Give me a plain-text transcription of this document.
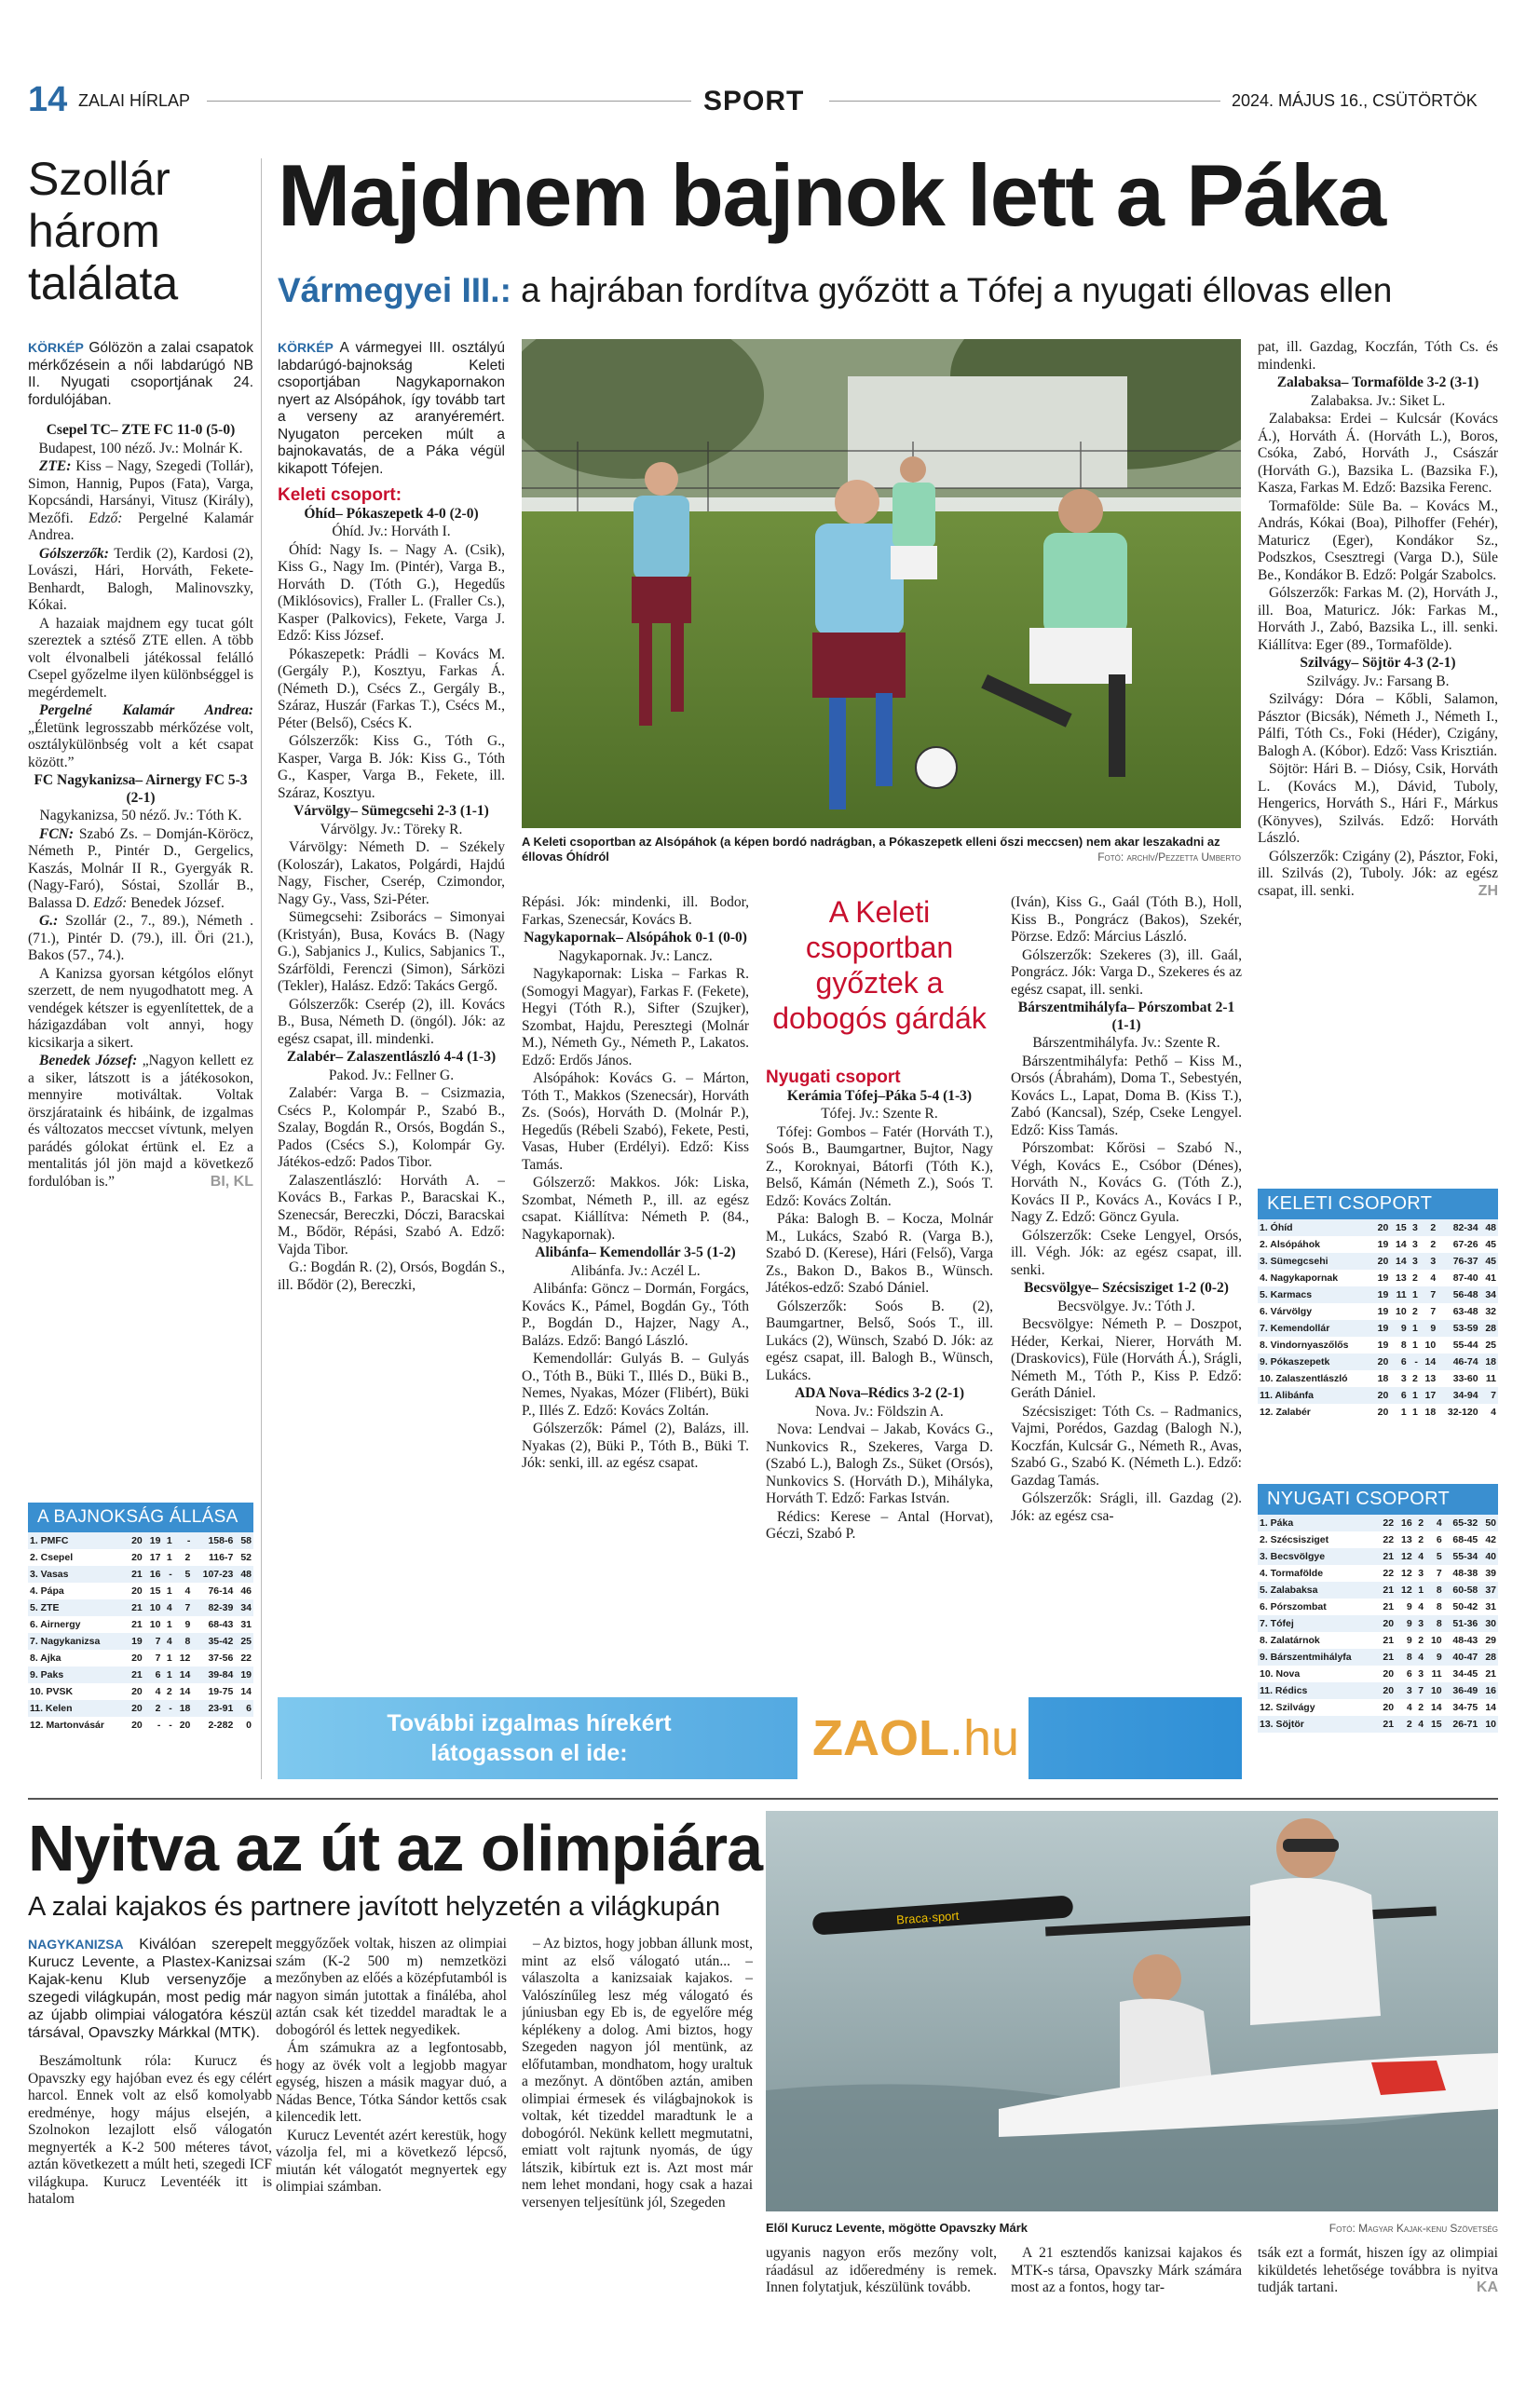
14 ZALAI HÍRLAP	SPORT	2024. MÁJUS 16., CSÜTÖRTÖK
Szollár három találata

KÖRKÉP Gólözön a zalai csapatok mérkőzésein a női labdarúgó NB II. Nyugati csoportjának 24. fordulójában.

Csepel TC– ZTE FC 11-0 (5-0)

Budapest, 100 néző. Jv.: Molnár K.

ZTE: Kiss – Nagy, Szegedi (Tollár), Simon, Hannig, Pupos (Fata), Varga, Kopcsándi, Harsányi, Vitusz (Király), Mezőfi. Edző: Pergelné Kalamár Andrea.

Gólszerzők: Terdik (2), Kardosi (2), Lovászi, Hári, Horváth, Fekete-Benhardt, Balogh, Malinovszky, Kókai.

A hazaiak majdnem egy tucat gólt szereztek a sztéső ZTE ellen. A több volt élvonalbeli játékossal felálló Csepel győzelme ilyen különbséggel is megérdemelt.

Pergelné Kalamár Andrea: „Életünk legrosszabb mérkőzése volt, osztálykülönbség volt a két csapat között.”

FC Nagykanizsa– Airnergy FC 5-3 (2-1)

Nagykanizsa, 50 néző. Jv.: Tóth K.

FCN: Szabó Zs. – Domján-Köröcz, Németh P., Pintér D., Gergelics, Kaszás, Molnár II R., Gyergyák R. (Nagy-Faró), Sóstai, Szollár B., Balassa D. Edző: Benedek József.

G.: Szollár (2., 7., 89.), Németh . (71.), Pintér D. (79.), ill. Öri (21.), Bakos (57., 74.).

A Kanizsa gyorsan kétgólos előnyt szerzett, de nem nyugodhatott meg. A vendégek kétszer is egyenlítettek, de a házigazdában volt annyi, hogy kicsikarja a sikert.

Benedek József: „Nagyon kellett ez a siker, látszott is a játékosokon, mennyire motiváltak. Voltak örszjárataink és hibáink, de izgalmas és változatos meccset vívtunk, melyen parádés gólokat értünk el. Ez a mentalitás jól jön majd a következő fordulóban is.”	BI, KL

A BAJNOKSÁG ÁLLÁSA
1. PMFC	20	19	1	-	158-6	58
2. Csepel	20	17	1	2	116-7	52
3. Vasas	21	16	-	5	107-23	48
4. Pápa	20	15	1	4	76-14	46
5. ZTE	21	10	4	7	82-39	34
6. Airnergy	21	10	1	9	68-43	31
7. Nagykanizsa	19	7	4	8	35-42	25
8. Ajka	20	7	1	12	37-56	22
9. Paks	21	6	1	14	39-84	19
10. PVSK	20	4	2	14	19-75	14
11. Kelen	20	2	-	18	23-91	6
12. Martonvásár	20	-	-	20	2-282	0
Majdnem bajnok lett a Páka
Vármegyei III.: a hajrában fordítva győzött a Tófej a nyugati éllovas ellen

KÖRKÉP A vármegyei III. osztályú labdarúgó-bajnokság Keleti csoportjában Nagykapornakon nyert az Alsópáhok, így tovább tart a verseny az aranyéremért. Nyugaton perceken múlt a bajnokavatás, de a Páka végül kikapott Tófejen.

Keleti csoport:

Óhíd– Pókaszepetk 4-0 (2-0)

Óhíd. Jv.: Horváth I.

Óhíd: Nagy Is. – Nagy A. (Csik), Kiss G., Nagy Im. (Pintér), Varga B., Horváth D. (Tóth G.), Hegedűs (Miklósovics), Fraller L. (Fraller Cs.), Kasper (Palkovics), Fekete, Varga J. Edző: Kiss József.

Pókaszepetk: Prádli – Kovács M. (Gergály P.), Kosztyu, Farkas Á. (Németh D.), Csécs Z., Gergály B., Száraz, Huszár (Farkas T.), Csécs M., Péter (Belső), Csécs K.

Gólszerzők: Kiss G., Tóth G., Kasper, Varga B. Jók: Kiss G., Tóth G., Kasper, Varga B., Fekete, ill. Száraz, Kosztyu.

Várvölgy– Sümegcsehi 2-3 (1-1)

Várvölgy. Jv.: Töreky R.

Várvölgy: Németh D. – Székely (Koloszár), Lakatos, Polgárdi, Hajdú Nagy, Fischer, Cserép, Czimondor, Nagy Gy., Vass, Szi-Péter.

Sümegcsehi: Zsiborács – Simonyai (Kristyán), Busa, Kovács B. (Nagy G.), Sabjanics J., Kulics, Sabjanics T., Szárföldi, Ferenczi (Simon), Sárközi (Tekler), Halász. Edző: Takács Gergő.

Gólszerzők: Cserép (2), ill. Kovács B., Busa, Németh D. (öngól). Jók: az egész csapat, ill. mindenki.

Zalabér– Zalaszentlászló 4-4 (1-3)

Pakod. Jv.: Fellner G.

Zalabér: Varga B. – Csizmazia, Csécs P., Kolompár P., Szabó B., Szalay, Bogdán R., Orsós, Bogdán S., Pados (Csécs S.), Kolompár Gy. Játékos-edző: Pados Tibor.

Zalaszentlászló: Horváth A. – Kovács B., Farkas P., Baracskai K., Szenecsár, Bereczki, Dóczi, Baracskai M., Bődör, Répási, Szabó A. Edző: Vajda Tibor.

G.: Bogdán R. (2), Orsós, Bogdán S., ill. Bődör (2), Bereczki,

A Keleti csoportban az Alsópáhok (a képen bordó nadrágban, a Pókaszepetk elleni őszi meccsen) nem akar leszakadni az éllovas Óhídról	Fotó: archív/Pezzetta Umberto

Répási. Jók: mindenki, ill. Bodor, Farkas, Szenecsár, Kovács B.

Nagykapornak– Alsópáhok 0-1 (0-0)

Nagykapornak. Jv.: Lancz.

Nagykapornak: Liska – Farkas R. (Somogyi Magyar), Farkas F. (Fekete), Hegyi (Tóth R.), Sifter (Szujker), Szombat, Hajdu, Peresztegi (Molnár M.), Németh Gy., Németh P., Lakatos. Edző: Erdős János.

Alsópáhok: Kovács G. – Márton, Tóth T., Makkos (Szenecsár), Horváth Zs. (Soós), Horváth D. (Molnár P.), Hegedűs (Rébeli Szabó), Fekete, Pesti, Vasas, Huber (Erdélyi). Edző: Kiss Tamás.

Gólszerző: Makkos. Jók: Liska, Szombat, Németh P., ill. az egész csapat. Kiállítva: Németh P. (84., Nagykapornak).

Alibánfa– Kemendollár 3-5 (1-2)

Alibánfa. Jv.: Aczél L.

Alibánfa: Göncz – Dormán, Forgács, Kovács K., Pámel, Bogdán Gy., Tóth P., Bogdán D., Hajzer, Nagy A., Balázs. Edző: Bangó László.

Kemendollár: Gulyás B. – Gulyás O., Tóth B., Büki T., Illés D., Büki B., Nemes, Nyakas, Mózer (Flibért), Büki P., Illés Z. Edző: Kovács Zoltán.

Gólszerzők: Pámel (2), Balázs, ill. Nyakas (2), Büki P., Tóth B., Büki T. Jók: senki, ill. az egész csapat.

A Keleti csoportban győztek a dobogós gárdák

Nyugati csoport

Kerámia Tófej–Páka 5-4 (1-3)

Tófej. Jv.: Szente R.

Tófej: Gombos – Fatér (Horváth T.), Soós B., Baumgartner, Bujtor, Nagy Z., Koroknyai, Bátorfi (Tóth K.), Belső, Kámán (Németh Z.), Soós T. Edző: Kovács Zoltán.

Páka: Balogh B. – Kocza, Molnár M., Lukács, Szabó R. (Varga B.), Szabó D. (Kerese), Hári (Felső), Varga Zs., Bakon D., Bakos B., Wünsch. Játékos-edző: Szabó Dániel.

Gólszerzők: Soós B. (2), Baumgartner, Belső, Soós T., ill. Lukács (2), Wünsch, Szabó D. Jók: az egész csapat, ill. Balogh B., Wünsch, Lukács.

ADA Nova–Rédics 3-2 (2-1)

Nova. Jv.: Földszin A.

Nova: Lendvai – Jakab, Kovács G., Nunkovics R., Szekeres, Varga D. (Szabó L.), Balogh Zs., Süket (Orsós), Nunkovics S. (Horváth D.), Mihályka, Horváth T. Edző: Farkas István.

Rédics: Kerese – Antal (Horvat), Géczi, Szabó P.

(Iván), Kiss G., Gaál (Tóth B.), Holl, Kiss B., Pongrácz (Bakos), Szekér, Pörzse. Edző: Március László.

Gólszerzők: Szekeres (3), ill. Gaál, Pongrácz. Jók: Varga D., Szekeres és az egész csapat, ill. senki.

Bárszentmihályfa– Pórszombat 2-1 (1-1)

Bárszentmihályfa. Jv.: Szente R.

Bárszentmihályfa: Pethő – Kiss M., Orsós (Ábrahám), Doma T., Sebestyén, Kovács L., Lapat, Doma B. (Kiss T.), Zabó (Kancsal), Szép, Cseke Lengyel. Edző: Kiss Tamás.

Pórszombat: Kőrösi – Szabó N., Végh, Kovács E., Csóbor (Dénes), Horváth N., Kovács G. (Tóth Z.), Kovács II P., Kovács A., Kovács I P., Nagy Z. Edző: Göncz Gyula.

Gólszerzők: Cseke Lengyel, Orsós, ill. Végh. Jók: az egész csapat, ill. senki.

Becsvölgye– Szécsisziget 1-2 (0-2)

Becsvölgye. Jv.: Tóth J.

Becsvölgye: Németh P. – Doszpot, Héder, Kerkai, Nierer, Horváth M. (Draskovics), Füle (Horváth Á.), Srágli, Németh M., Tóth P., Kiss P. Edző: Geráth Dániel.

Szécsisziget: Tóth Cs. – Radmanics, Vajmi, Porédos, Gazdag (Balogh N.), Koczfán, Kulcsár G., Németh R., Avas, Szabó G., Szabó K. (Németh L.). Edző: Gazdag Tamás.

Gólszerzők: Srágli, ill. Gazdag (2). Jók: az egész csa-

pat, ill. Gazdag, Koczfán, Tóth Cs. és mindenki.

Zalabaksa– Tormafölde 3-2 (3-1)

Zalabaksa. Jv.: Siket L.

Zalabaksa: Erdei – Kulcsár (Kovács Á.), Horváth Á. (Horváth L.), Boros, Csóka, Zabó, Horváth J., Császár (Horváth G.), Bazsika L. (Bazsika F.), Kasza, Farkas M. Edző: Bazsika Ferenc.

Tormafölde: Süle Ba. – Kovács M., András, Kókai (Boa), Pilhoffer (Fehér), Maturicz (Eger), Kondákor Sz., Podszkos, Csesztregi (Varga D.), Süle Be., Kondákor B. Edző: Polgár Szabolcs.

Gólszerzők: Farkas M. (2), Horváth J., ill. Boa, Maturicz. Jók: Farkas M., Horváth J., Zabó, Bazsika L., ill. senki. Kiállítva: Eger (89., Tormafölde).

Szilvágy– Söjtör 4-3 (2-1)

Szilvágy. Jv.: Farsang B.

Szilvágy: Dóra – Kőbli, Salamon, Pásztor (Bicsák), Németh J., Németh I., Pálfi, Tóth Cs., Foki (Héder), Czigány, Balogh A. (Kóbor). Edző: Vass Krisztián.

Söjtör: Hári B. – Diósy, Csik, Horváth L. (Kovács M.), Dávid, Tuboly, Hengerics, Horváth S., Hári F., Márkus (Könyves), Szilvás. Edző: Horváth László.

Gólszerzők: Czigány (2), Pásztor, Foki, ill. Szilvás (2), Tuboly. Jók: az egész csapat, ill. senki.	ZH

KELETI CSOPORT
1. Óhíd	20	15	3	2	82-34	48
2. Alsópáhok	19	14	3	2	67-26	45
3. Sümegcsehi	20	14	3	3	76-37	45
4. Nagykapornak	19	13	2	4	87-40	41
5. Karmacs	19	11	1	7	56-48	34
6. Várvölgy	19	10	2	7	63-48	32
7. Kemendollár	19	9	1	9	53-59	28
8. Vindornyaszőlős	19	8	1	10	55-44	25
9. Pókaszepetk	20	6	-	14	46-74	18
10. Zalaszentlászló	18	3	2	13	33-60	11
11. Alibánfa	20	6	1	17	34-94	7
12. Zalabér	20	1	1	18	32-120	4
NYUGATI CSOPORT
1. Páka	22	16	2	4	65-32	50
2. Szécsisziget	22	13	2	6	68-45	42
3. Becsvölgye	21	12	4	5	55-34	40
4. Tormafölde	22	12	3	7	48-38	39
5. Zalabaksa	21	12	1	8	60-58	37
6. Pórszombat	21	9	4	8	50-42	31
7. Tófej	20	9	3	8	51-36	30
8. Zalatárnok	21	9	2	10	48-43	29
9. Bárszentmihályfa	21	8	4	9	40-47	28
10. Nova	20	6	3	11	34-45	21
11. Rédics	20	3	7	10	36-49	16
12. Szilvágy	20	4	2	14	34-75	14
13. Söjtör	21	2	4	15	26-71	10
További izgalmas hírekért
látogasson el ide:	ZAOL.hu
Nyitva az út az olimpiára
A zalai kajakos és partnere javított helyzetén a világkupán

NAGYKANIZSA Kiválóan szerepelt Kurucz Levente, a Plastex-Kanizsai Kajak-kenu Klub versenyzője a szegedi világkupán, most pedig már az újabb olimpiai válogatóra készül társával, Opavszky Márkkal (MTK).

Beszámoltunk róla: Kurucz és Opavszky egy hajóban evez és egy célért harcol. Ennek volt az első komolyabb eredménye, hogy május elsején, a Szolnokon lezajlott első válogatón megnyerték a K-2 500 méteres távot, aztán következett a múlt heti, szegedi ICF világkupa. Kurucz Leventéék itt is hatalom

meggyőzőek voltak, hiszen az olimpiai szám (K-2 500 m) nemzetközi mezőnyben az előés a középfutamból is nagyon simán jutottak a fináléba, ahol aztán csak két tizeddel maradtak le a dobogóról és lettek negyedikek.

Ám számukra az a legfontosabb, hogy az övék volt a legjobb magyar egység, hiszen a másik magyar duó, a Nádas Bence, Tótka Sándor kettős csak kilencedik lett.

Kurucz Leventét azért kerestük, hogy vázolja fel, mi a következő lépcső, miután két válogatót megnyertek egy olimpiai számban.

– Az biztos, hogy jobban állunk most, mint az első válogató után... – válaszolta a kanizsaiak kajakos. – Valószínűleg lesz még válogató és júniusban egy Eb is, de egyelőre még képlékeny a dolog. Ami biztos, hogy Szegeden nagyon jól mentünk, az előfutamban, mondhatom, hogy uraltuk a mezőnyt. A döntőben aztán, amiben olimpiai érmesek és világbajnokok is voltak, két tizeddel maradtunk le a dobogóról. Nekünk kellett megmutatni, emiatt volt rajtunk nyomás, de úgy látszik, kibírtuk ezt is. Azt most már nem lehet mondani, hogy csak a hazai versenyen teljesítünk jól, Szegeden

Braca·sport
Elől Kurucz Levente, mögötte Opavszky Márk	Fotó: Magyar Kajak-kenu Szövetség

ugyanis nagyon erős mezőny volt, ráadásul az időeredmény is remek. Innen folytatjuk, készülünk tovább.

A 21 esztendős kanizsai kajakos és MTK-s társa, Opavszky Márk számára most az a fontos, hogy tar-

tsák ezt a formát, hiszen így az olimpiai kiküldetés lehetősége továbbra is nyitva tudják tartani.	KA
